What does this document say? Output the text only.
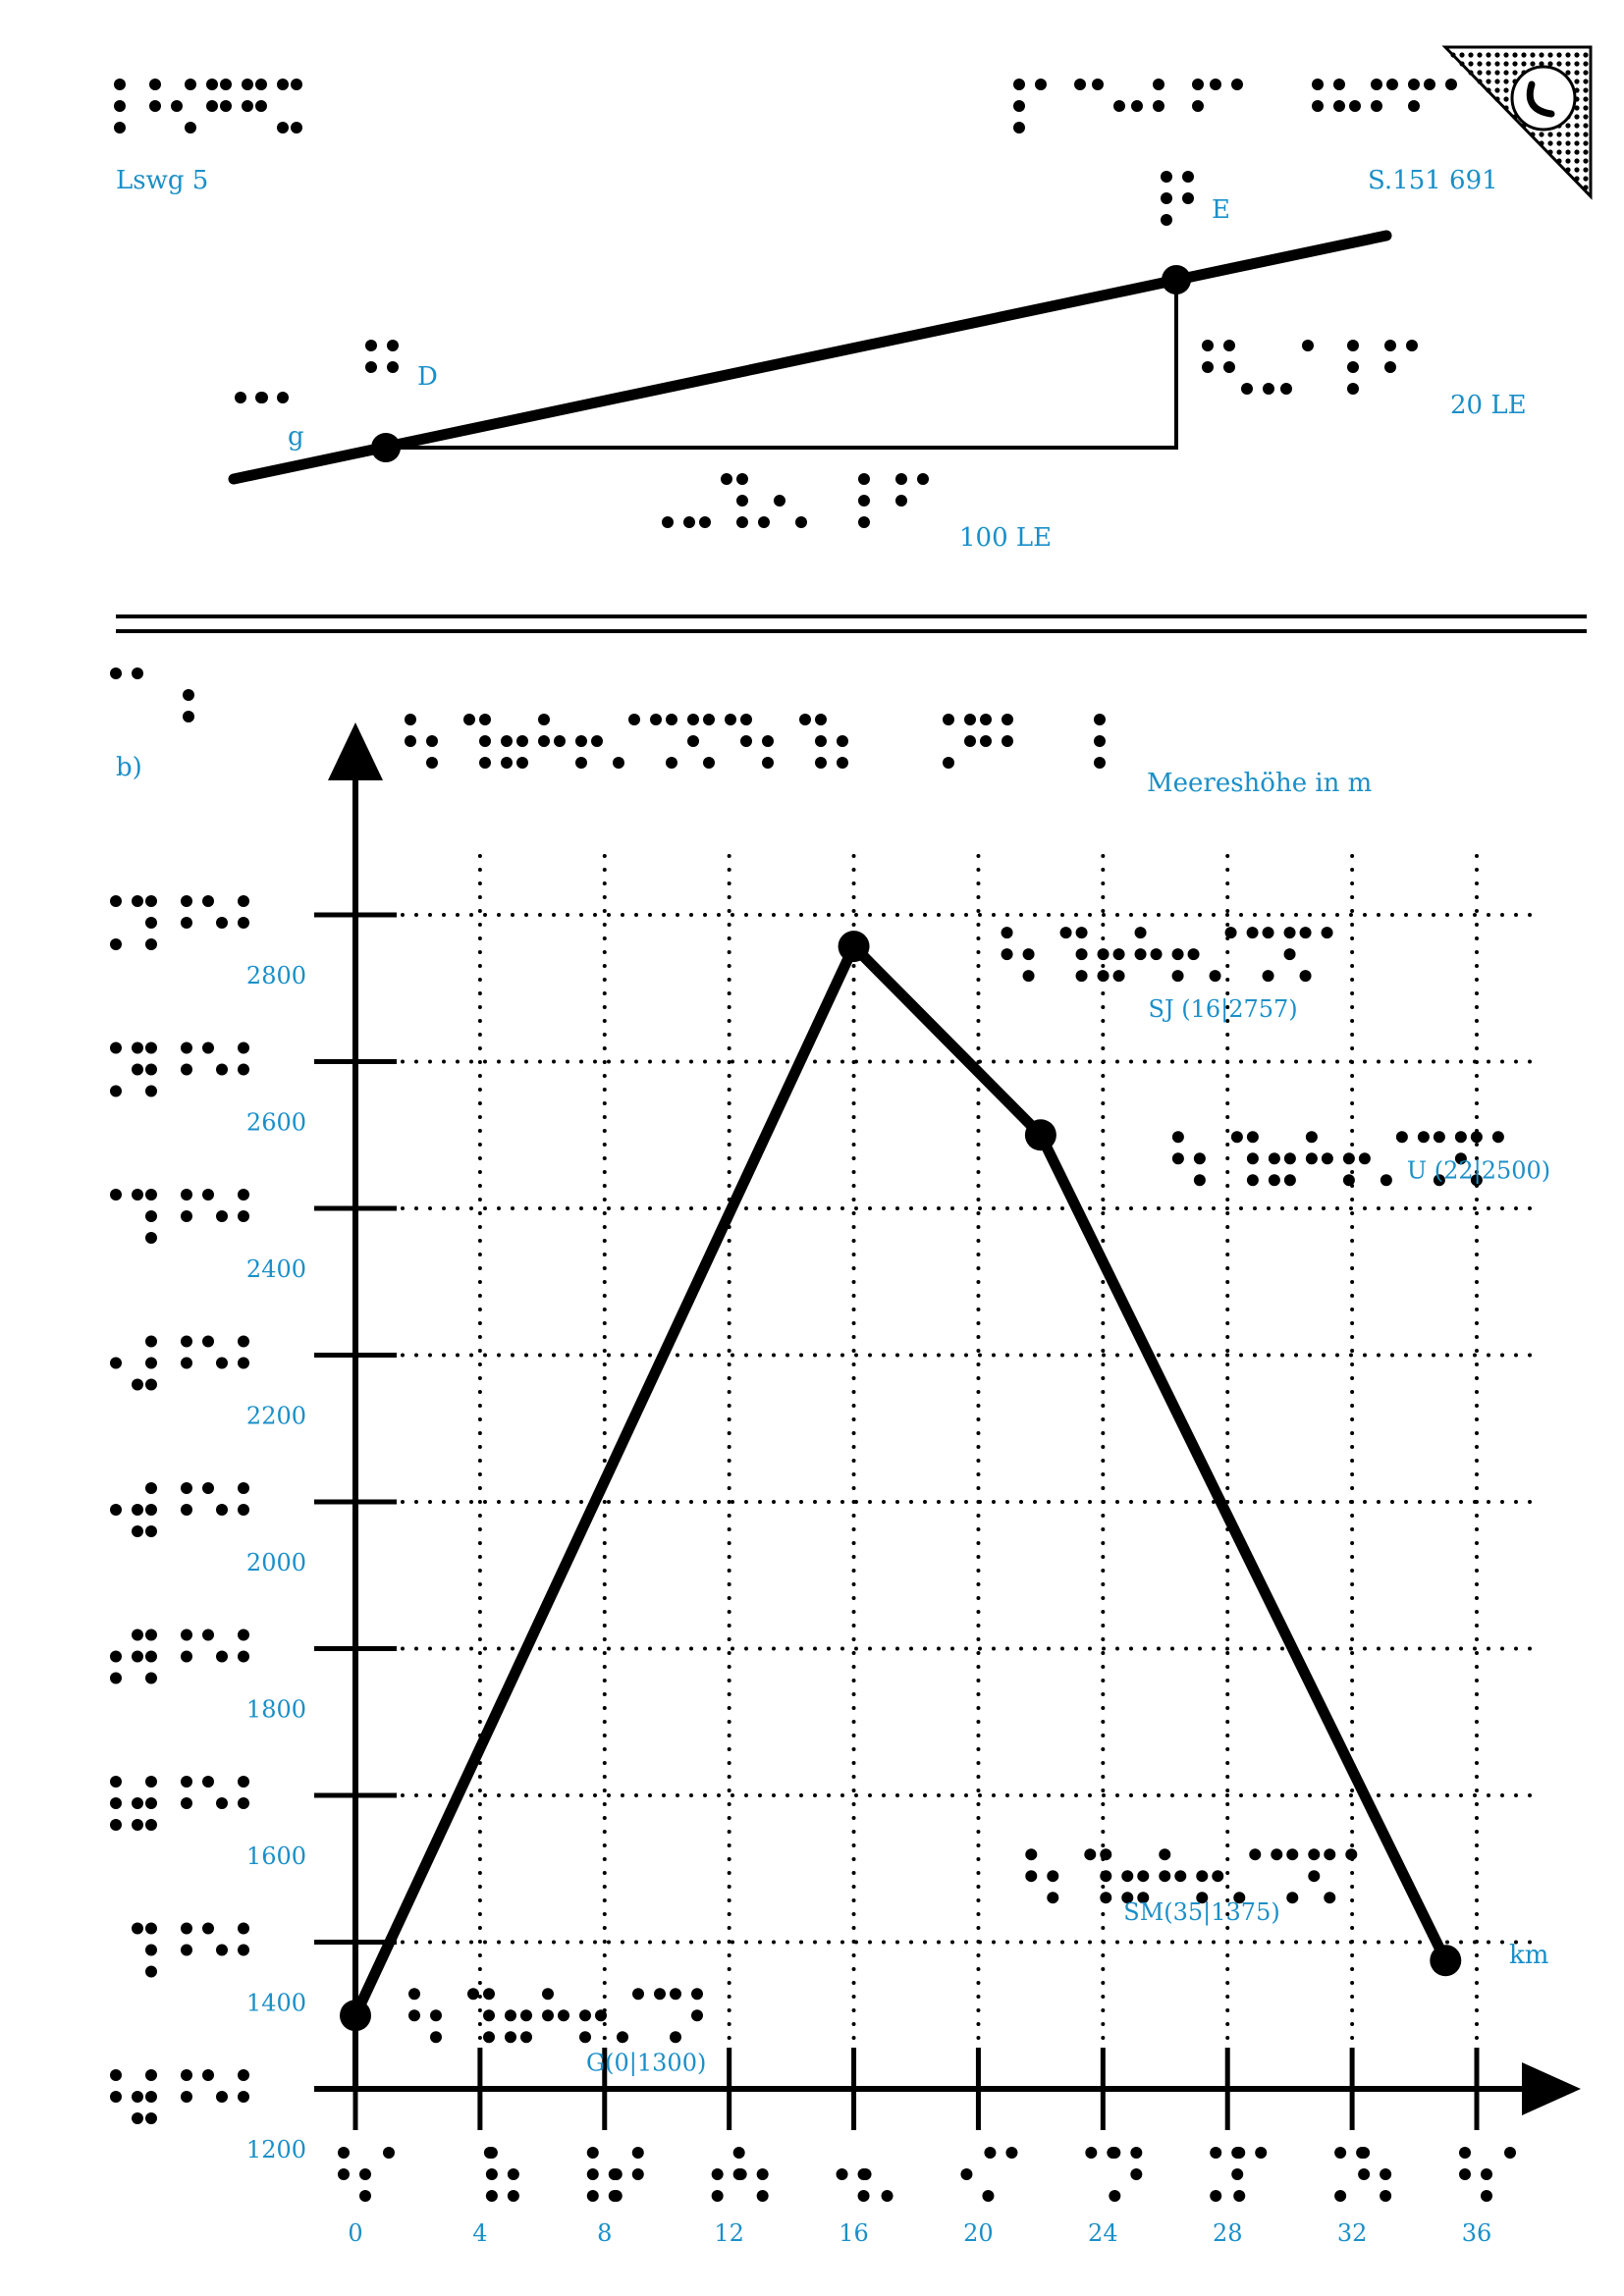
Lswg 5	S.151 691
g
D
E
100 LE
20 LE
b)
Meereshöhe in m
km
0	4	8	12	16	20	24	28	32	36
1200
1400
1600
1800
2000
2200
2400
2600
2800
G(0|1300)
SJ (16|2757)
U (22|2500)
SM(35|1375)
